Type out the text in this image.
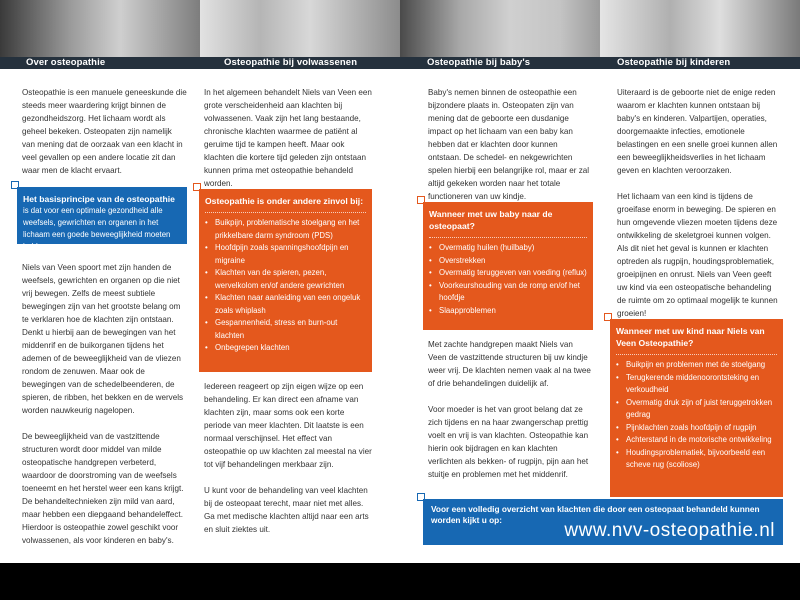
Over osteopathie	Osteopathie bij volwassenen	Osteopathie bij baby's	Osteopathie bij kinderen

Osteopathie is een manuele geneeskunde die steeds meer waardering krijgt binnen de gezondheidszorg. Het lichaam wordt als geheel bekeken. Osteopaten zijn namelijk van mening dat de oorzaak van een klacht in veel gevallen op een andere locatie zit dan waar men de klacht ervaart.

Het basisprincipe van de osteopathie
is dat voor een optimale gezondheid alle weefsels, gewrichten en organen in het lichaam een goede beweeglijkheid moeten hebben.

Niels van Veen spoort met zijn handen de weefsels, gewrichten en organen op die niet vrij bewegen. Zelfs de meest subtiele bewegingen zijn van het grootste belang om te verklaren hoe de klachten zijn ontstaan. Denkt u hierbij aan de bewegingen van het middenrif en de buikorganen tijdens het ademen of de beweeglijkheid van de vliezen rondom de zenuwen. Maar ook de bewegingen van de schedelbeenderen, de spieren, de ribben, het bekken en de wervels worden nauwkeurig nagelopen.

De beweeglijkheid van de vastzittende structuren wordt door middel van milde osteopatische handgrepen verbeterd, waardoor de doorstroming van de weefsels toeneemt en het herstel weer een kans krijgt. De behandeltechnieken zijn mild van aard, maar hebben een diepgaand behandeleffect. Hierdoor is osteopathie zowel geschikt voor volwassenen, als voor kinderen en baby's.

In het algemeen behandelt Niels van Veen een grote verscheidenheid aan klachten bij volwassenen. Vaak zijn het lang bestaande, chronische klachten waarmee de patiënt al geruime tijd te kampen heeft. Maar ook klachten die kortere tijd geleden zijn ontstaan kunnen prima met osteopathie behandeld worden.

Osteopathie is onder andere zinvol bij:
• Buikpijn, problematische stoelgang en het prikkelbare darm syndroom (PDS)
• Hoofdpijn zoals spanningshoofdpijn en migraine
• Klachten van de spieren, pezen, wervelkolom en/of andere gewrichten
• Klachten naar aanleiding van een ongeluk zoals whiplash
• Gespannenheid, stress en burn-out klachten
• Onbegrepen klachten

Iedereen reageert op zijn eigen wijze op een behandeling. Er kan direct een afname van klachten zijn, maar soms ook een korte periode van meer klachten. Dit laatste is een normaal verschijnsel. Het effect van osteopathie op uw klachten zal meestal na vier tot vijf behandelingen merkbaar zijn.

U kunt voor de behandeling van veel klachten bij de osteopaat terecht, maar niet met alles. Ga met medische klachten altijd naar een arts en sluit ziektes uit.

Baby's nemen binnen de osteopathie een bijzondere plaats in. Osteopaten zijn van mening dat de geboorte een dusdanige impact op het lichaam van een baby kan hebben dat er klachten door kunnen ontstaan. De schedel- en nekgewrichten spelen hierbij een belangrijke rol, maar er zal altijd gekeken worden naar het totale functioneren van uw kindje.

Wanneer met uw baby naar de osteopaat?
• Overmatig huilen (huilbaby)
• Overstrekken
• Overmatig teruggeven van voeding (reflux)
• Voorkeurshouding van de romp en/of het hoofdje
• Slaapproblemen

Met zachte handgrepen maakt Niels van Veen de vastzittende structuren bij uw kindje weer vrij. De klachten nemen vaak al na twee of drie behandelingen duidelijk af.

Voor moeder is het van groot belang dat ze zich tijdens en na haar zwangerschap prettig voelt en vrij is van klachten. Osteopathie kan hierin ook bijdragen en kan klachten verlichten als bekken- of rugpijn, pijn aan het stuitje en problemen met het middenrif.

Uiteraard is de geboorte niet de enige reden waarom er klachten kunnen ontstaan bij baby's en kinderen. Valpartijen, operaties, doorgemaakte infecties, emotionele belastingen en een snelle groei kunnen allen een beweeglijkheidsverlies in het lichaam geven en klachten veroorzaken.

Het lichaam van een kind is tijdens de groeifase enorm in beweging. De spieren en hun omgevende vliezen moeten tijdens deze ontwikkeling de skeletgroei kunnen volgen. Als dit niet het geval is kunnen er klachten optreden als rugpijn, houdingsproblematiek, groeipijnen en onrust. Niels van Veen geeft uw kind via een osteopatische behandeling de ruimte om zo optimaal mogelijk te kunnen groeien!

Wanneer met uw kind naar Niels van Veen Osteopathie?
• Buikpijn en problemen met de stoelgang
• Terugkerende middenoorontsteking en verkoudheid
• Overmatig druk zijn of juist teruggetrokken gedrag
• Pijnklachten zoals hoofdpijn of rugpijn
• Achterstand in de motorische ontwikkeling
• Houdingsproblematiek, bijvoorbeeld een scheve rug (scoliose)
Voor een volledig overzicht van klachten die door een osteopaat behandeld kunnen worden kijkt u op:	www.nvv-osteopathie.nl
